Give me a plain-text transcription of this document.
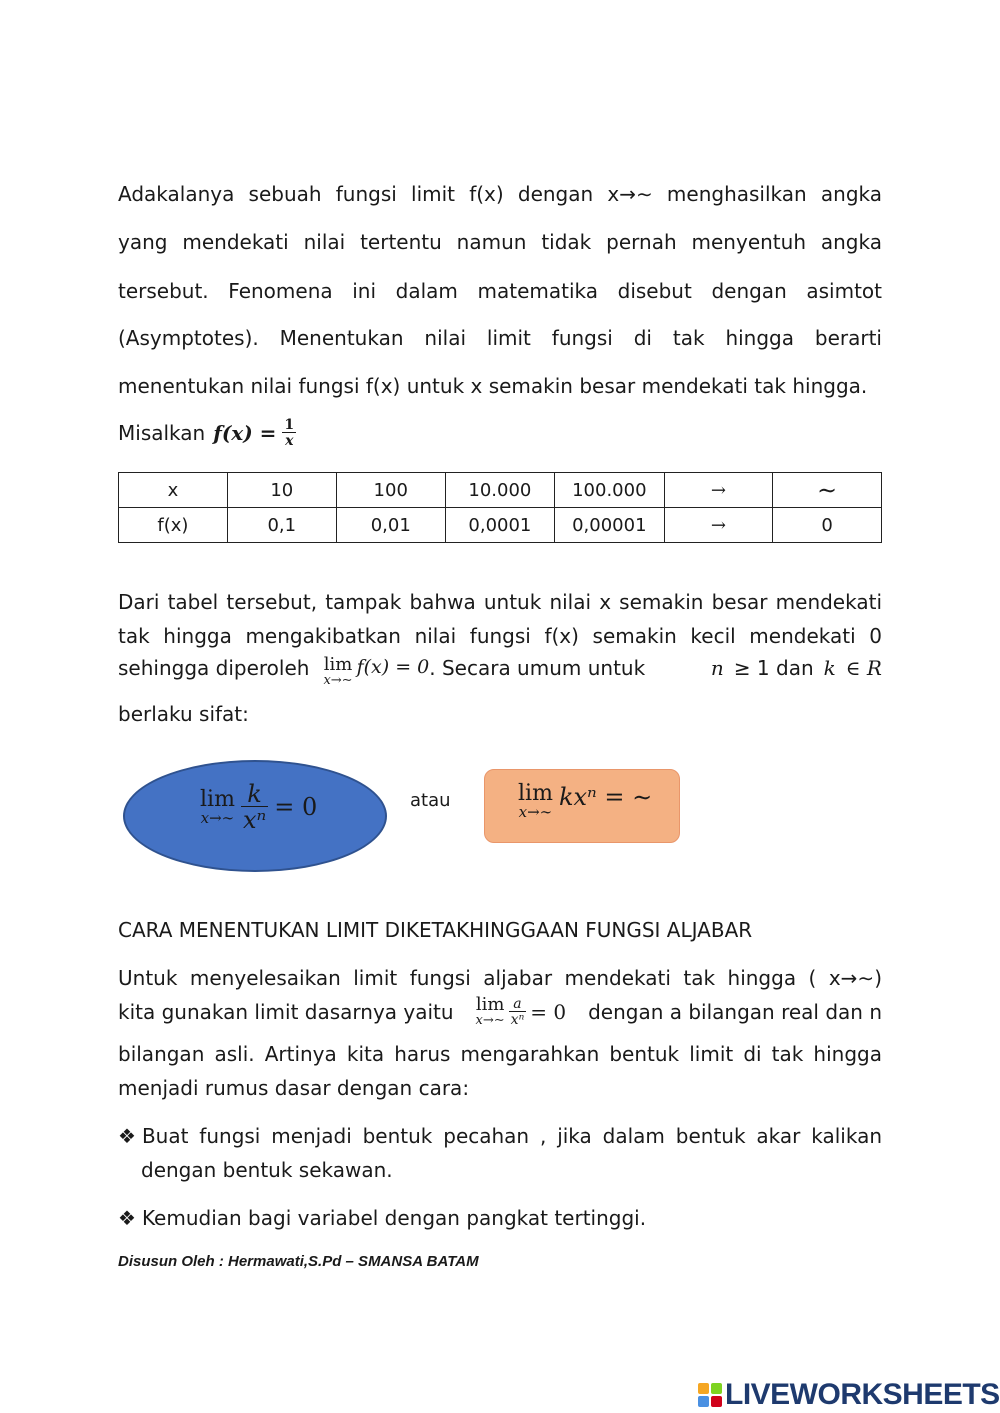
Adakalanya sebuah fungsi limit f(x) dengan x→∼ menghasilkan angka
yang mendekati nilai tertentu namun tidak pernah menyentuh angka
tersebut. Fenomena ini dalam matematika disebut dengan asimtot
(Asymptotes). Menentukan nilai limit fungsi di tak hingga berarti
menentukan nilai fungsi f(x) untuk x semakin besar mendekati tak hingga.
Misalkan $f(x) = \frac{1}{x}$
x	10	100	10.000	100.000	→	∼
f(x)	0,1	0,01	0,0001	0,00001	→	0
Dari tabel tersebut, tampak bahwa untuk nilai x semakin besar mendekati
tak hingga mengakibatkan nilai fungsi f(x) semakin kecil mendekati 0
sehingga diperoleh lim
x→∼
f(x) = 0 . Secara umum untuk	n ≥ 1 dan k ∈ R
berlaku sifat:
lim
x→∼ $\frac{k}{\text{xⁿ}} = 0$	atau	lim
x→∼
kxⁿ = ∼
CARA MENENTUKAN LIMIT DIKETAKHINGGAAN FUNGSI ALJABAR
Untuk menyelesaikan limit fungsi aljabar mendekati tak hingga ( x→∼)
kita gunakan limit dasarnya yaitu lim
x→∼ $\frac{a}{\text{xⁿ}} = 0$ dengan a bilangan real dan n
bilangan asli. Artinya kita harus mengarahkan bentuk limit di tak hingga
menjadi rumus dasar dengan cara:
❖ Buat fungsi menjadi bentuk pecahan , jika dalam bentuk akar kalikan
dengan bentuk sekawan.
❖ Kemudian bagi variabel dengan pangkat tertinggi.
Disusun Oleh : Hermawati,S.Pd – SMANSA BATAM
LIVEWORKSHEETS
